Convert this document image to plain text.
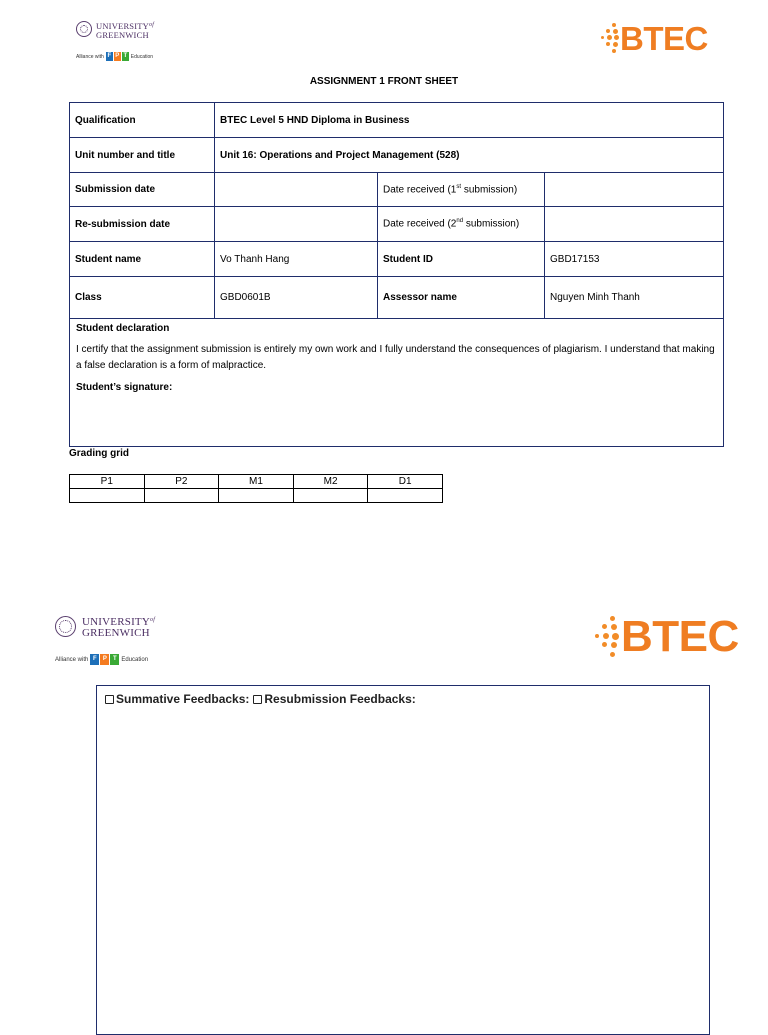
$UNIVERSITY^{of}$
GREENWICH
Alliance with F P T Education	BTEC
ASSIGNMENT 1 FRONT SHEET
Qualification	BTEC Level 5 HND Diploma in Business		
Unit number and title	Unit 16: Operations and Project Management (528)		
Submission date		Date received (1st submission)	
Re-submission date		Date received (2nd submission)	
Student name	Vo Thanh Hang	Student ID	GBD17153
Class	GBD0601B	Assessor name	Nguyen Minh Thanh

Student declaration

I certify that the assignment submission is entirely my own work and I fully understand the consequences of plagiarism. I understand that making a false declaration is a form of malpractice.

Student’s signature:			

Grading grid
P1	P2	M1	M2	D1

$UNIVERSITY^{of}$
GREENWICH
Alliance with F	P	T Education	BTEC
Summative Feedbacks: Resubmission Feedbacks:
